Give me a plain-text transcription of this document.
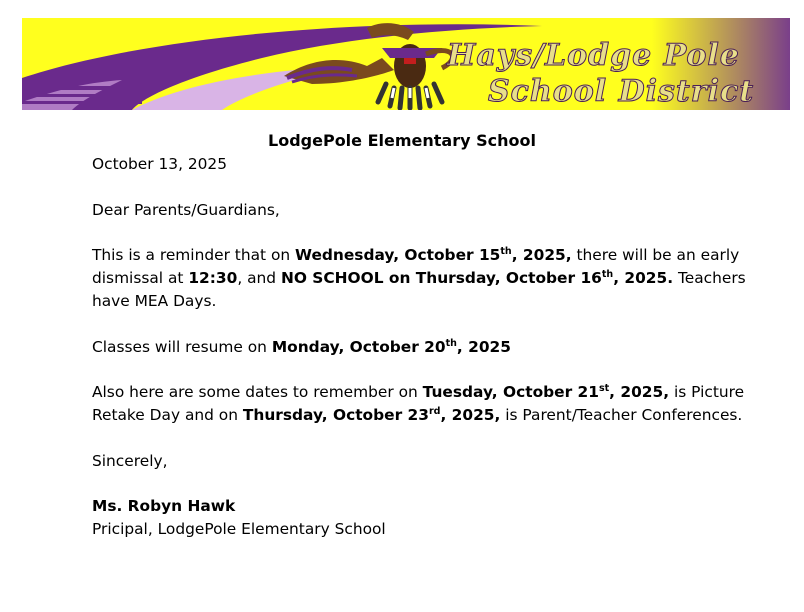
Hays/Lodge Pole
School District
LodgePole Elementary School
October 13, 2025
Dear Parents/Guardians,
This is a reminder that on Wednesday, October 15th, 2025, there will be an early
dismissal at 12:30, and NO SCHOOL on Thursday, October 16th, 2025. Teachers
have MEA Days.
Classes will resume on Monday, October 20th, 2025
Also here are some dates to remember on Tuesday, October 21st, 2025, is Picture
Retake Day and on Thursday, October 23rd, 2025, is Parent/Teacher Conferences.
Sincerely,
Ms. Robyn Hawk
Pricipal, LodgePole Elementary School
